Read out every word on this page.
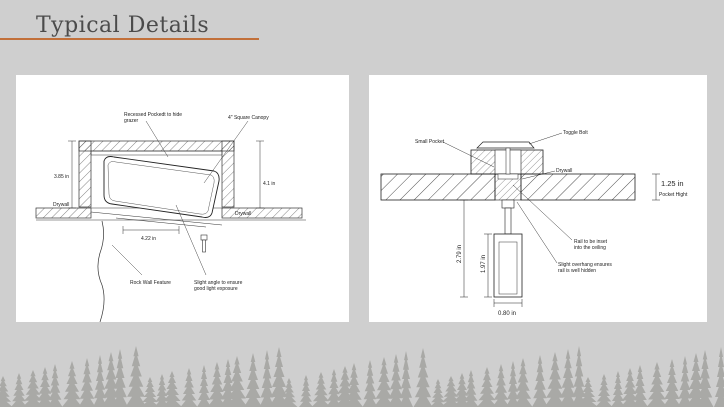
Typical Details
Recessed Pockedt to hide
grazer	4" Square Canopy
3.85 in
4.1 in
Drywall
Drywall
4.22 in
Rock Wall Feature	Slight angle to ensure
good light exposure
Toggle Bolt
Small Pocket
Drywall
1.25 in
Pocket Hight
Rail to be inset
into the ceiling
Slight overhang ensures
rail is well hidden
2.79 in
1.97 in
0.80 in
